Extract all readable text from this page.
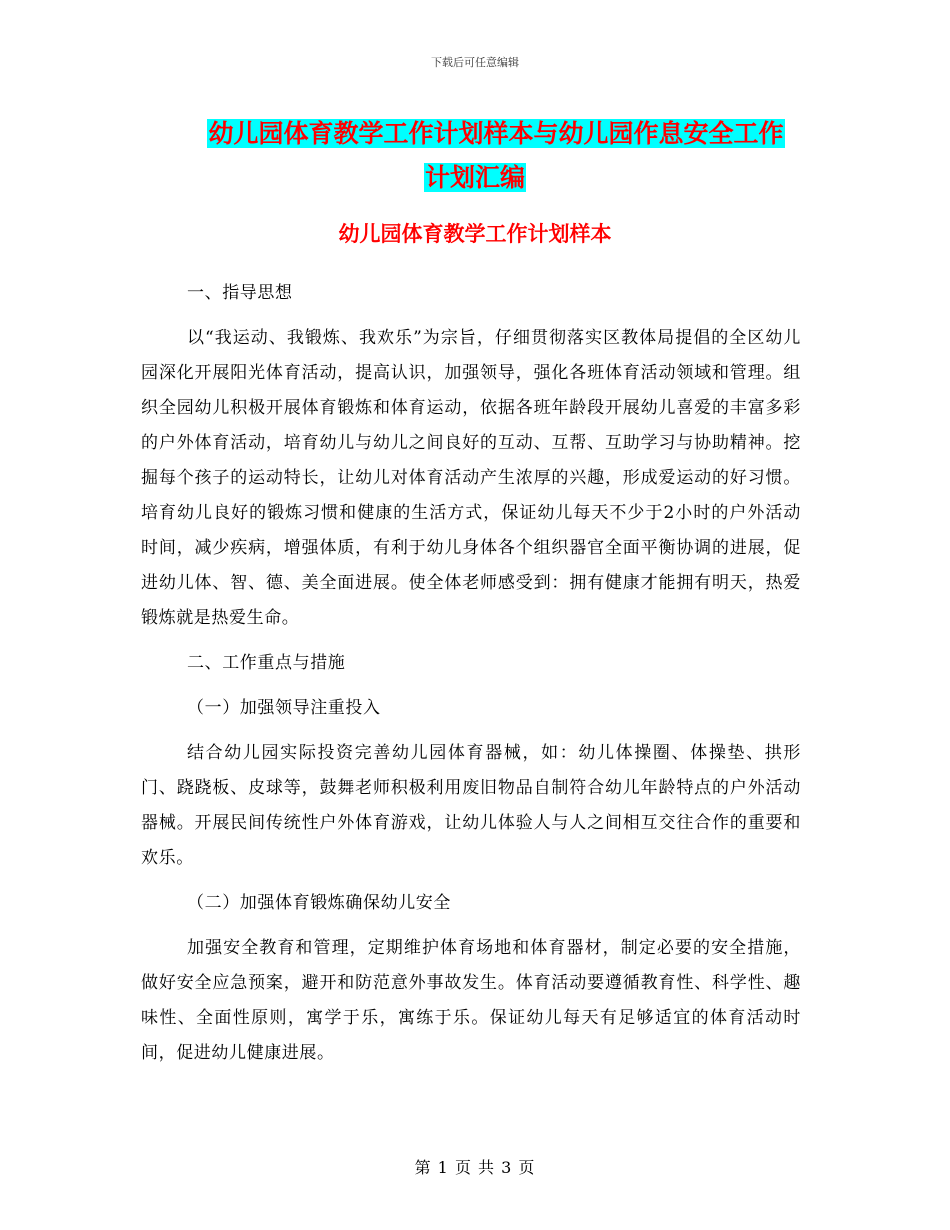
下载后可任意编辑
幼儿园体育教学工作计划样本与幼儿园作息安全工作
计划汇编
幼儿园体育教学工作计划样本

一、指导思想

以“我运动、我锻炼、我欢乐”为宗旨，仔细贯彻落实区教体局提倡的全区幼儿园深化开展阳光体育活动，提高认识，加强领导，强化各班体育活动领域和管理。组织全园幼儿积极开展体育锻炼和体育运动，依据各班年龄段开展幼儿喜爱的丰富多彩的户外体育活动，培育幼儿与幼儿之间良好的互动、互帮、互助学习与协助精神。挖掘每个孩子的运动特长，让幼儿对体育活动产生浓厚的兴趣，形成爱运动的好习惯。培育幼儿良好的锻炼习惯和健康的生活方式，保证幼儿每天不少于2小时的户外活动时间，减少疾病，增强体质，有利于幼儿身体各个组织器官全面平衡协调的进展，促进幼儿体、智、德、美全面进展。使全体老师感受到：拥有健康才能拥有明天，热爱锻炼就是热爱生命。

二、工作重点与措施

（一）加强领导注重投入

结合幼儿园实际投资完善幼儿园体育器械，如：幼儿体操圈、体操垫、拱形门、跷跷板、皮球等，鼓舞老师积极利用废旧物品自制符合幼儿年龄特点的户外活动器械。开展民间传统性户外体育游戏，让幼儿体验人与人之间相互交往合作的重要和欢乐。

（二）加强体育锻炼确保幼儿安全

加强安全教育和管理，定期维护体育场地和体育器材，制定必要的安全措施，做好安全应急预案，避开和防范意外事故发生。体育活动要遵循教育性、科学性、趣味性、全面性原则，寓学于乐，寓练于乐。保证幼儿每天有足够适宜的体育活动时间，促进幼儿健康进展。

第 1 页 共 3 页
